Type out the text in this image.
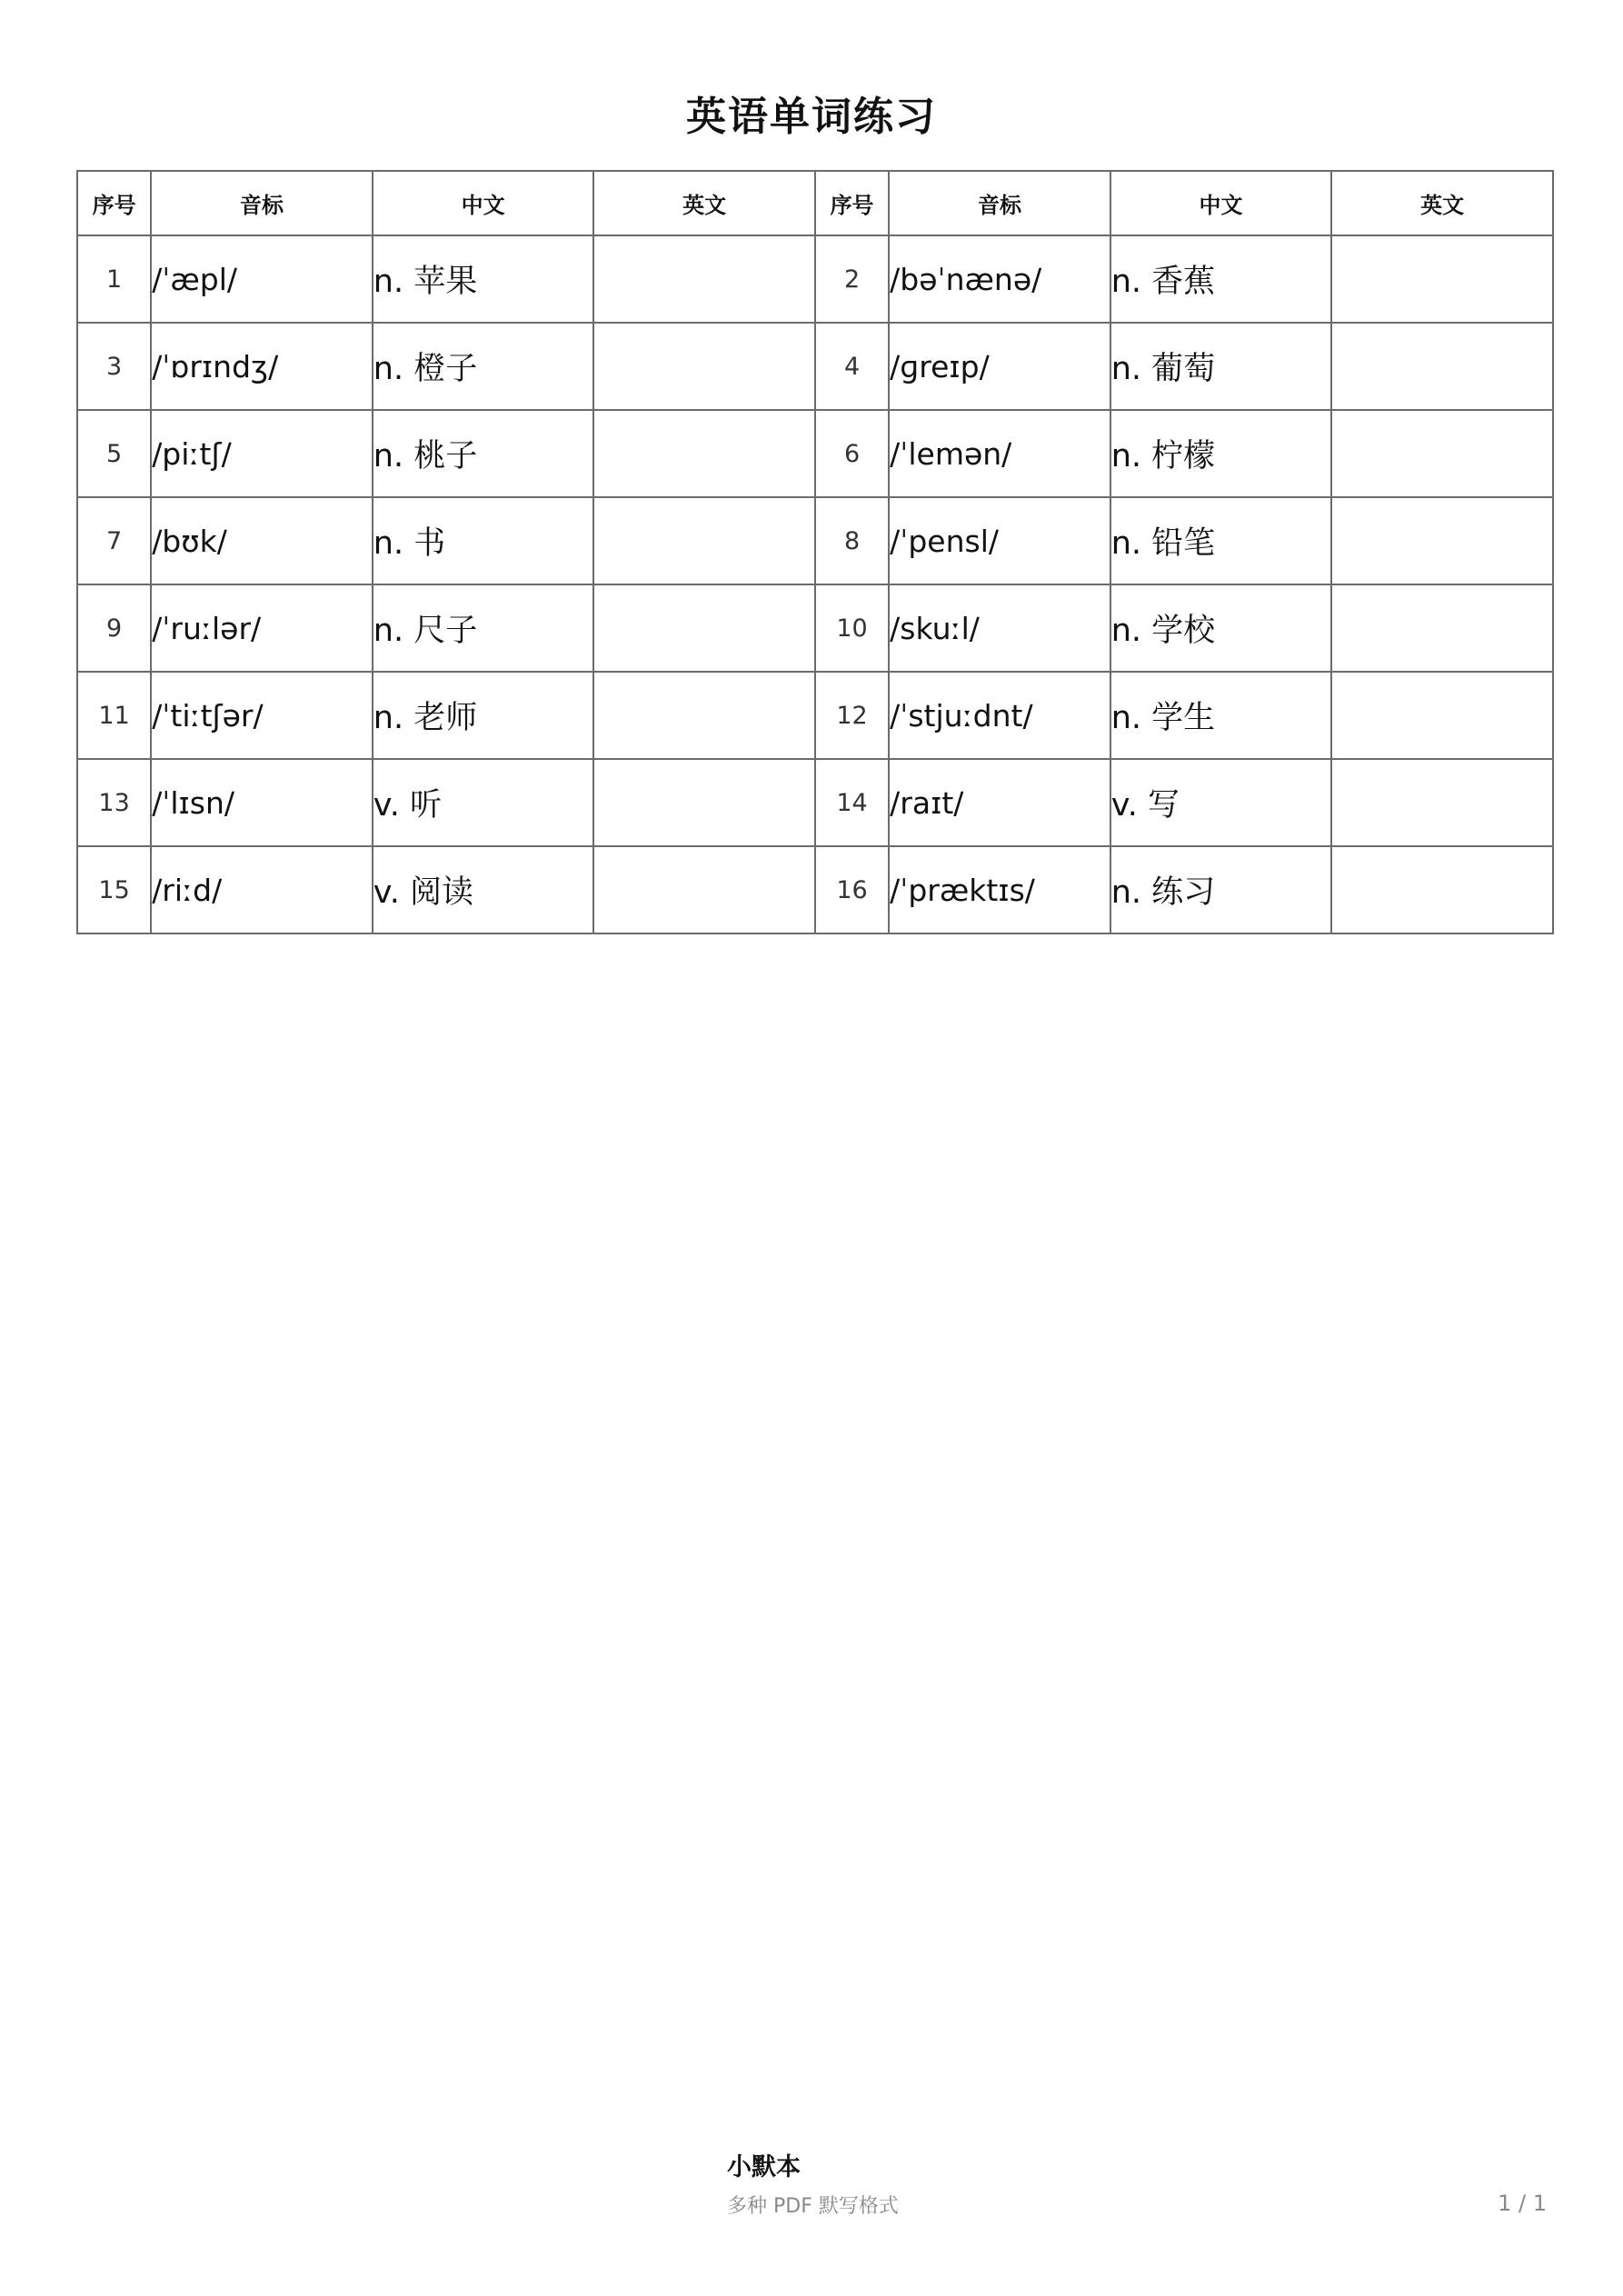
英语单词练习
序号	音标	中文	英文	序号	音标	中文	英文
1	/ˈæpl/	n. 苹果		2	/bəˈnænə/	n. 香蕉	
3	/ˈɒrɪndʒ/	n. 橙子		4	/ɡreɪp/	n. 葡萄	
5	/piːtʃ/	n. 桃子		6	/ˈlemən/	n. 柠檬	
7	/bʊk/	n. 书		8	/ˈpensl/	n. 铅笔	
9	/ˈruːlər/	n. 尺子		10	/skuːl/	n. 学校	
11	/ˈtiːtʃər/	n. 老师		12	/ˈstjuːdnt/	n. 学生	
13	/ˈlɪsn/	v. 听		14	/raɪt/	v. 写	
15	/riːd/	v. 阅读		16	/ˈpræktɪs/	n. 练习	
小默本
多种 PDF 默写格式	1 / 1
